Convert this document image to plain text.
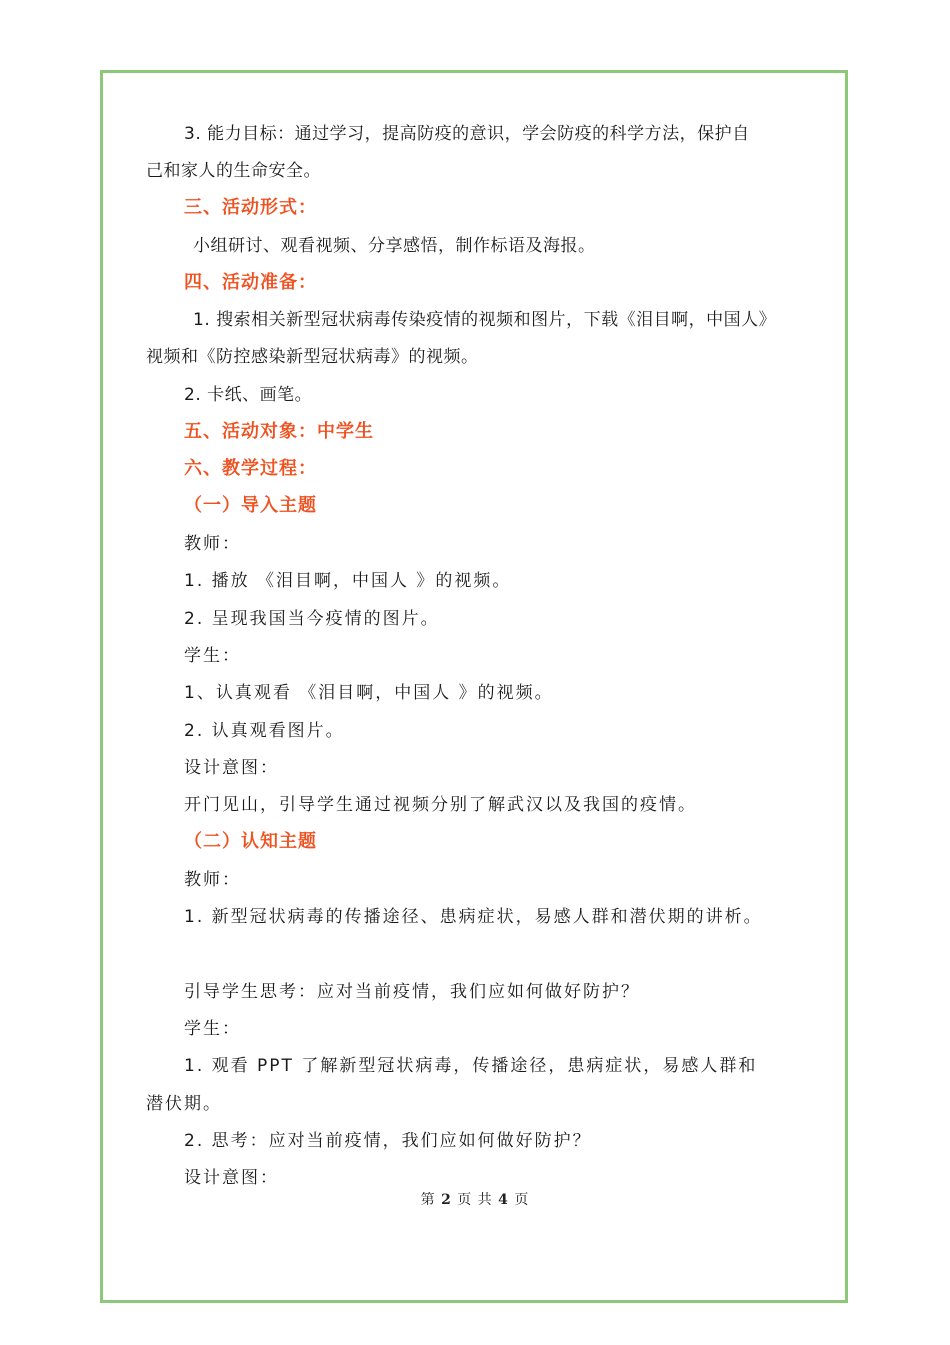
3. 能力目标：通过学习，提高防疫的意识，学会防疫的科学方法，保护自
己和家人的生命安全。
三、活动形式：
小组研讨、观看视频、分享感悟，制作标语及海报。
四、活动准备：
1. 搜索相关新型冠状病毒传染疫情的视频和图片，下载《泪目啊，中国人》
视频和《防控感染新型冠状病毒》的视频。
2. 卡纸、画笔。
五、活动对象：中学生
六、教学过程：
（一）导入主题
教师：
1. 播放 《泪目啊，中国人 》的视频。
2. 呈现我国当今疫情的图片。
学生：
1、认真观看 《泪目啊，中国人 》的视频。
2. 认真观看图片。
设计意图：
开门见山，引导学生通过视频分别了解武汉以及我国的疫情。
（二）认知主题
教师：
1. 新型冠状病毒的传播途径、患病症状，易感人群和潜伏期的讲析。
引导学生思考：应对当前疫情，我们应如何做好防护？
学生：
1. 观看 PPT 了解新型冠状病毒，传播途径，患病症状，易感人群和
潜伏期。
2. 思考：应对当前疫情，我们应如何做好防护？
设计意图：
第 2 页 共 4 页
